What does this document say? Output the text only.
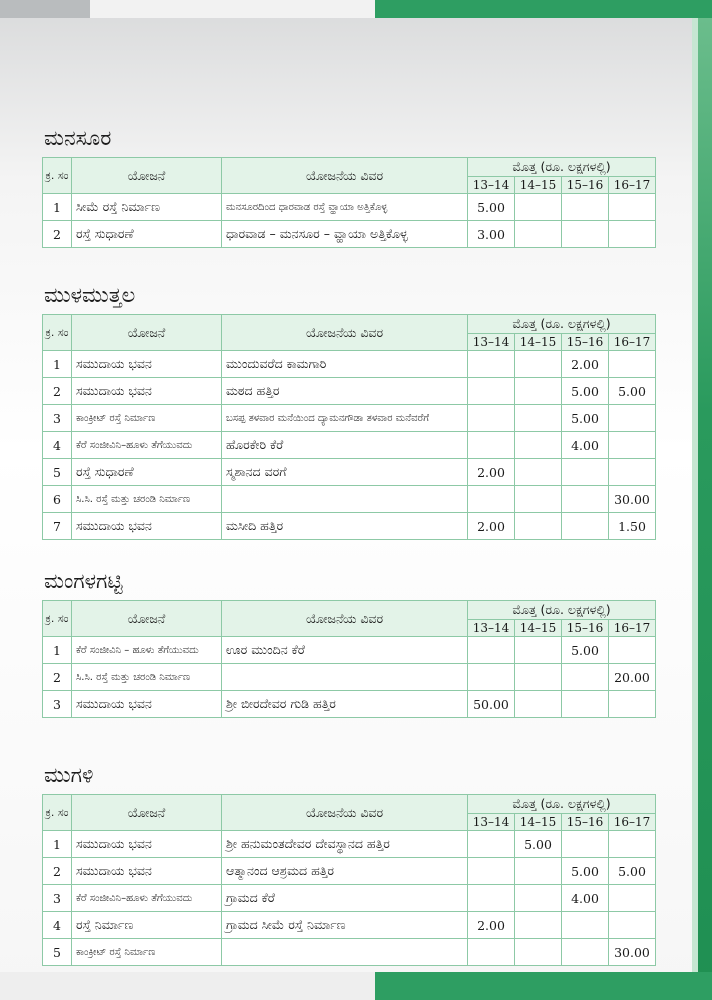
ಮನಸೂರ
ಕ್ರ. ಸಂ	ಯೋಜನೆ	ಯೋಜನೆಯ ವಿವರ	ಮೊತ್ತ (ರೂ. ಲಕ್ಷಗಳಲ್ಲಿ)			
			13–14	14–15	15–16	16–17
1	ಸೀಮೆ ರಸ್ತೆ ನಿರ್ಮಾಣ	ಮನಸೂರದಿಂದ ಧಾರವಾಡ ರಸ್ತೆ ವ್ಹಾಯಾ ಅತ್ತಿಕೊಳ್ಳ	5.00			
2	ರಸ್ತೆ ಸುಧಾರಣೆ	ಧಾರವಾಡ – ಮನಸೂರ – ವ್ಹಾಯಾ ಅತ್ತಿಕೊಳ್ಳ	3.00			
ಮುಳಮುತ್ತಲ
ಕ್ರ. ಸಂ	ಯೋಜನೆ	ಯೋಜನೆಯ ವಿವರ	ಮೊತ್ತ (ರೂ. ಲಕ್ಷಗಳಲ್ಲಿ)			
			13–14	14–15	15–16	16–17
1	ಸಮುದಾಯ ಭವನ	ಮುಂದುವರೆದ ಕಾಮಗಾರಿ			2.00	
2	ಸಮುದಾಯ ಭವನ	ಮಠದ ಹತ್ತಿರ			5.00	5.00
3	ಕಾಂಕ್ರೀಟ್ ರಸ್ತೆ ನಿರ್ಮಾಣ	ಬಸಪ್ಪ ತಳವಾರ ಮನೆಯಿಂದ ದ್ಯಾಮನಗೌಡಾ ತಳವಾರ ಮನೆವರೆಗೆ			5.00	
4	ಕೆರೆ ಸಂಜೀವಿನಿ–ಹೂಳು ತೆಗೆಯುವದು	ಹೊರಕೇರಿ ಕೆರೆ			4.00	
5	ರಸ್ತೆ ಸುಧಾರಣೆ	ಸ್ಮಶಾನದ ವರಗೆ	2.00			
6	ಸಿ.ಸಿ. ರಸ್ತೆ ಮತ್ತು ಚರಂಡಿ ನಿರ್ಮಾಣ					30.00
7	ಸಮುದಾಯ ಭವನ	ಮಸೀದಿ ಹತ್ತಿರ	2.00			1.50
ಮಂಗಳಗಟ್ಟಿ
ಕ್ರ. ಸಂ	ಯೋಜನೆ	ಯೋಜನೆಯ ವಿವರ	ಮೊತ್ತ (ರೂ. ಲಕ್ಷಗಳಲ್ಲಿ)			
			13–14	14–15	15–16	16–17
1	ಕೆರೆ ಸಂಜೀವಿನಿ – ಹೂಳು ತೆಗೆಯುವದು	ಊರ ಮುಂದಿನ ಕೆರೆ			5.00	
2	ಸಿ.ಸಿ. ರಸ್ತೆ ಮತ್ತು ಚರಂಡಿ ನಿರ್ಮಾಣ					20.00
3	ಸಮುದಾಯ ಭವನ	ಶ್ರೀ ಬೀರದೇವರ ಗುಡಿ ಹತ್ತಿರ	50.00			
ಮುಗಳಿ
ಕ್ರ. ಸಂ	ಯೋಜನೆ	ಯೋಜನೆಯ ವಿವರ	ಮೊತ್ತ (ರೂ. ಲಕ್ಷಗಳಲ್ಲಿ)			
			13–14	14–15	15–16	16–17
1	ಸಮುದಾಯ ಭವನ	ಶ್ರೀ ಹನುಮಂತದೇವರ ದೇವಸ್ಥಾನದ ಹತ್ತಿರ		5.00		
2	ಸಮುದಾಯ ಭವನ	ಆತ್ಮಾನಂದ ಆಶ್ರಮದ ಹತ್ತಿರ			5.00	5.00
3	ಕೆರೆ ಸಂಜೀವಿನಿ–ಹೂಳು ತೆಗೆಯುವದು	ಗ್ರಾಮದ ಕೆರೆ			4.00	
4	ರಸ್ತೆ ನಿರ್ಮಾಣ	ಗ್ರಾಮದ ಸೀಮೆ ರಸ್ತೆ ನಿರ್ಮಾಣ	2.00			
5	ಕಾಂಕ್ರೀಟ್ ರಸ್ತೆ ನಿರ್ಮಾಣ					30.00
